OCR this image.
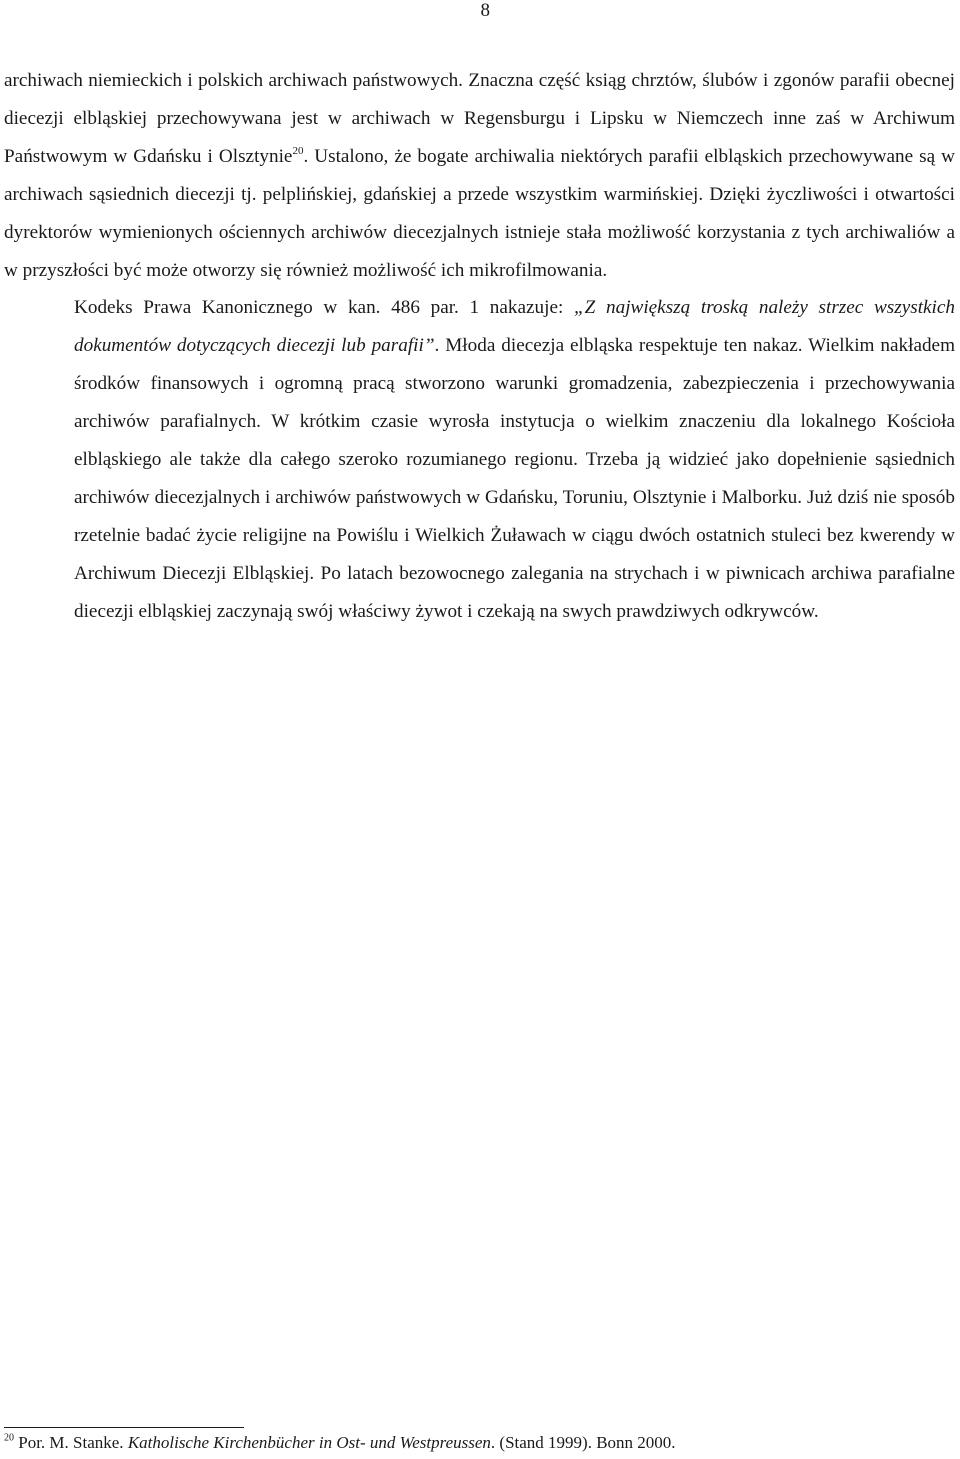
8

archiwach niemieckich i polskich archiwach państwowych. Znaczna część ksiąg chrztów, ślubów i zgonów parafii obecnej diecezji elbląskiej przechowywana jest w archiwach w Regensburgu i Lipsku w Niemczech inne zaś w Archiwum Państwowym w Gdańsku i Olsztynie$^{20}$. Ustalono, że bogate archiwalia niektórych parafii elbląskich przechowywane są w archiwach sąsiednich diecezji tj. pelplińskiej, gdańskiej a przede wszystkim warmińskiej. Dzięki życzliwości i otwartości dyrektorów wymienionych ościennych archiwów diecezjalnych istnieje stała możliwość korzystania z tych archiwaliów a w przyszłości być może otworzy się również możliwość ich mikrofilmowania.

Kodeks Prawa Kanonicznego w kan. 486 par. 1 nakazuje: „Z największą troską należy strzec wszystkich dokumentów dotyczących diecezji lub parafii”. Młoda diecezja elbląska respektuje ten nakaz. Wielkim nakładem środków finansowych i ogromną pracą stworzono warunki gromadzenia, zabezpieczenia i przechowywania archiwów parafialnych. W krótkim czasie wyrosła instytucja o wielkim znaczeniu dla lokalnego Kościoła elbląskiego ale także dla całego szeroko rozumianego regionu. Trzeba ją widzieć jako dopełnienie sąsiednich archiwów diecezjalnych i archiwów państwowych w Gdańsku, Toruniu, Olsztynie i Malborku. Już dziś nie sposób rzetelnie badać życie religijne na Powiślu i Wielkich Żuławach w ciągu dwóch ostatnich stuleci bez kwerendy w Archiwum Diecezji Elbląskiej. Po latach bezowocnego zalegania na strychach i w piwnicach archiwa parafialne diecezji elbląskiej zaczynają swój właściwy żywot i czekają na swych prawdziwych odkrywców.

$^{20}$ Por. M. Stanke. Katholische Kirchenbücher in Ost- und Westpreussen. (Stand 1999). Bonn 2000.
